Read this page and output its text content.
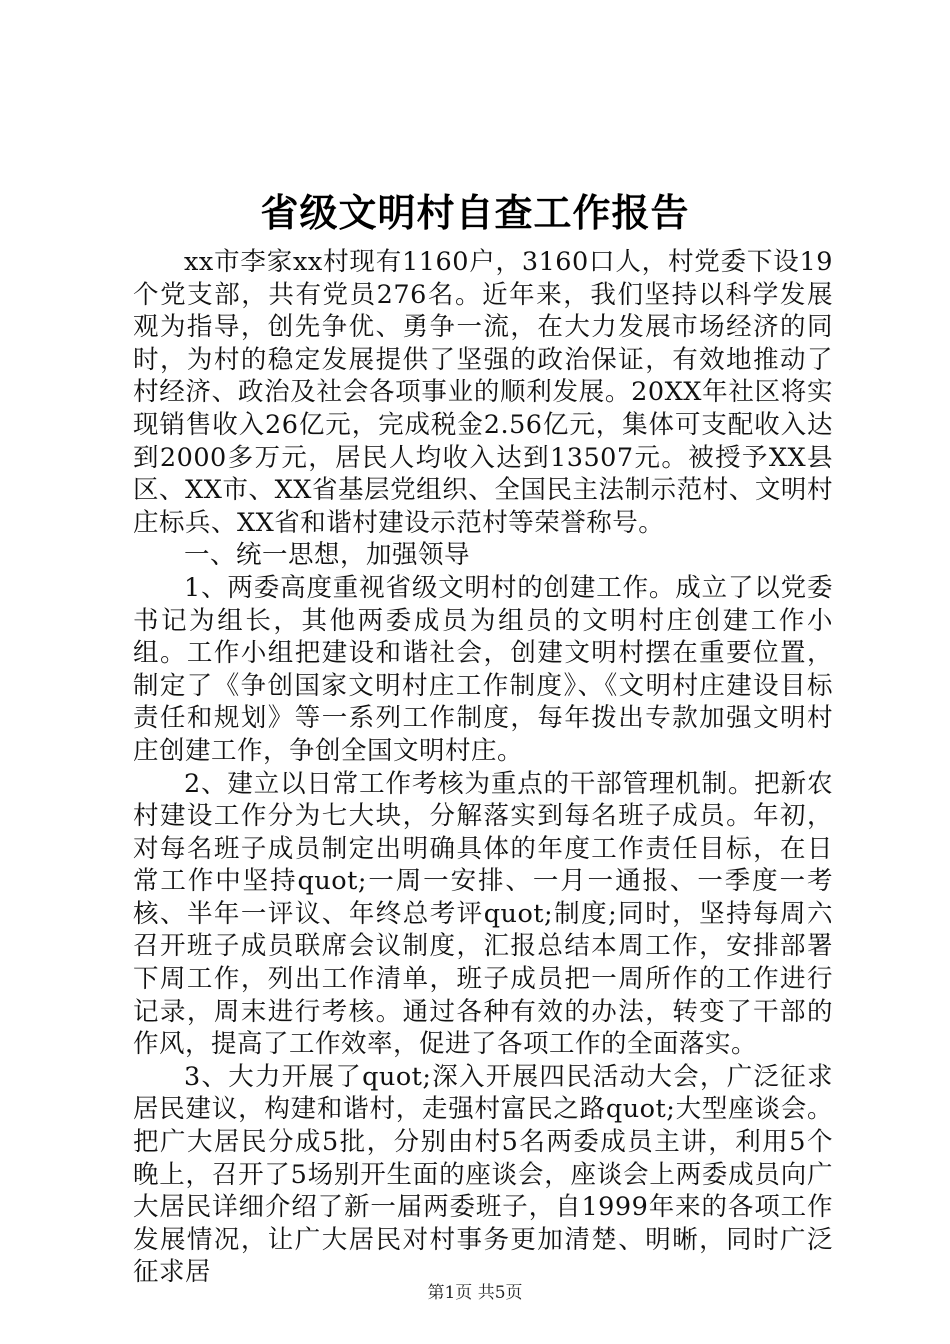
省级文明村自查工作报告

xx市李家xx村现有1160户，3160口人，村党委下设19个党支部，共有党员276名。近年来，我们坚持以科学发展观为指导，创先争优、勇争一流，在大力发展市场经济的同时，为村的稳定发展提供了坚强的政治保证，有效地推动了村经济、政治及社会各项事业的顺利发展。20XX年社区将实现销售收入26亿元，完成税金2.56亿元，集体可支配收入达到2000多万元，居民人均收入达到13507元。被授予XX县区、XX市、XX省基层党组织、全国民主法制示范村、文明村庄标兵、XX省和谐村建设示范村等荣誉称号。

一、统一思想，加强领导

1、两委高度重视省级文明村的创建工作。成立了以党委书记为组长，其他两委成员为组员的文明村庄创建工作小组。工作小组把建设和谐社会，创建文明村摆在重要位置，制定了《争创国家文明村庄工作制度》、《文明村庄建设目标责任和规划》等一系列工作制度，每年拨出专款加强文明村庄创建工作，争创全国文明村庄。

2、建立以日常工作考核为重点的干部管理机制。把新农村建设工作分为七大块，分解落实到每名班子成员。年初，对每名班子成员制定出明确具体的年度工作责任目标，在日常工作中坚持quot;一周一安排、一月一通报、一季度一考核、半年一评议、年终总考评quot;制度;同时，坚持每周六召开班子成员联席会议制度，汇报总结本周工作，安排部署下周工作，列出工作清单，班子成员把一周所作的工作进行记录，周末进行考核。通过各种有效的办法，转变了干部的作风，提高了工作效率，促进了各项工作的全面落实。

3、大力开展了quot;深入开展四民活动大会，广泛征求居民建议，构建和谐村，走强村富民之路quot;大型座谈会。把广大居民分成5批，分别由村5名两委成员主讲，利用5个晚上，召开了5场别开生面的座谈会，座谈会上两委成员向广大居民详细介绍了新一届两委班子，自1999年来的各项工作发展情况，让广大居民对村事务更加清楚、明晰，同时广泛征求居

第1页 共5页
